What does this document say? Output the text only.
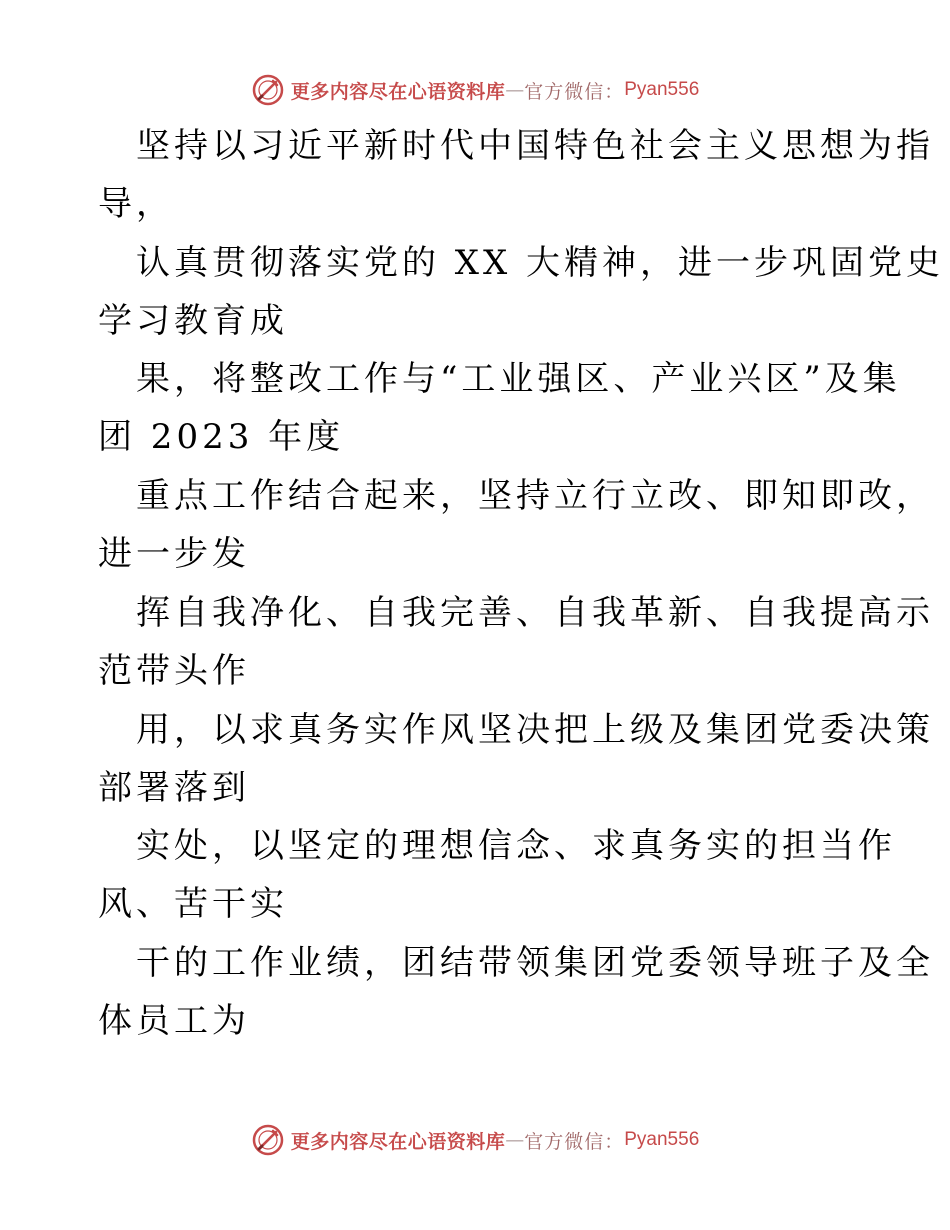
更多内容尽在心语资料库 — 官方微信： Pyan556
坚持以习近平新时代中国特色社会主义思想为指
导，
认真贯彻落实党的 XX 大精神，进一步巩固党史
学习教育成
果，将整改工作与“工业强区、产业兴区”及集
团 2023 年度
重点工作结合起来，坚持立行立改、即知即改，
进一步发
挥自我净化、自我完善、自我革新、自我提高示
范带头作
用，以求真务实作风坚决把上级及集团党委决策
部署落到
实处，以坚定的理想信念、求真务实的担当作
风、苦干实
干的工作业绩，团结带领集团党委领导班子及全
体员工为
更多内容尽在心语资料库 — 官方微信： Pyan556
